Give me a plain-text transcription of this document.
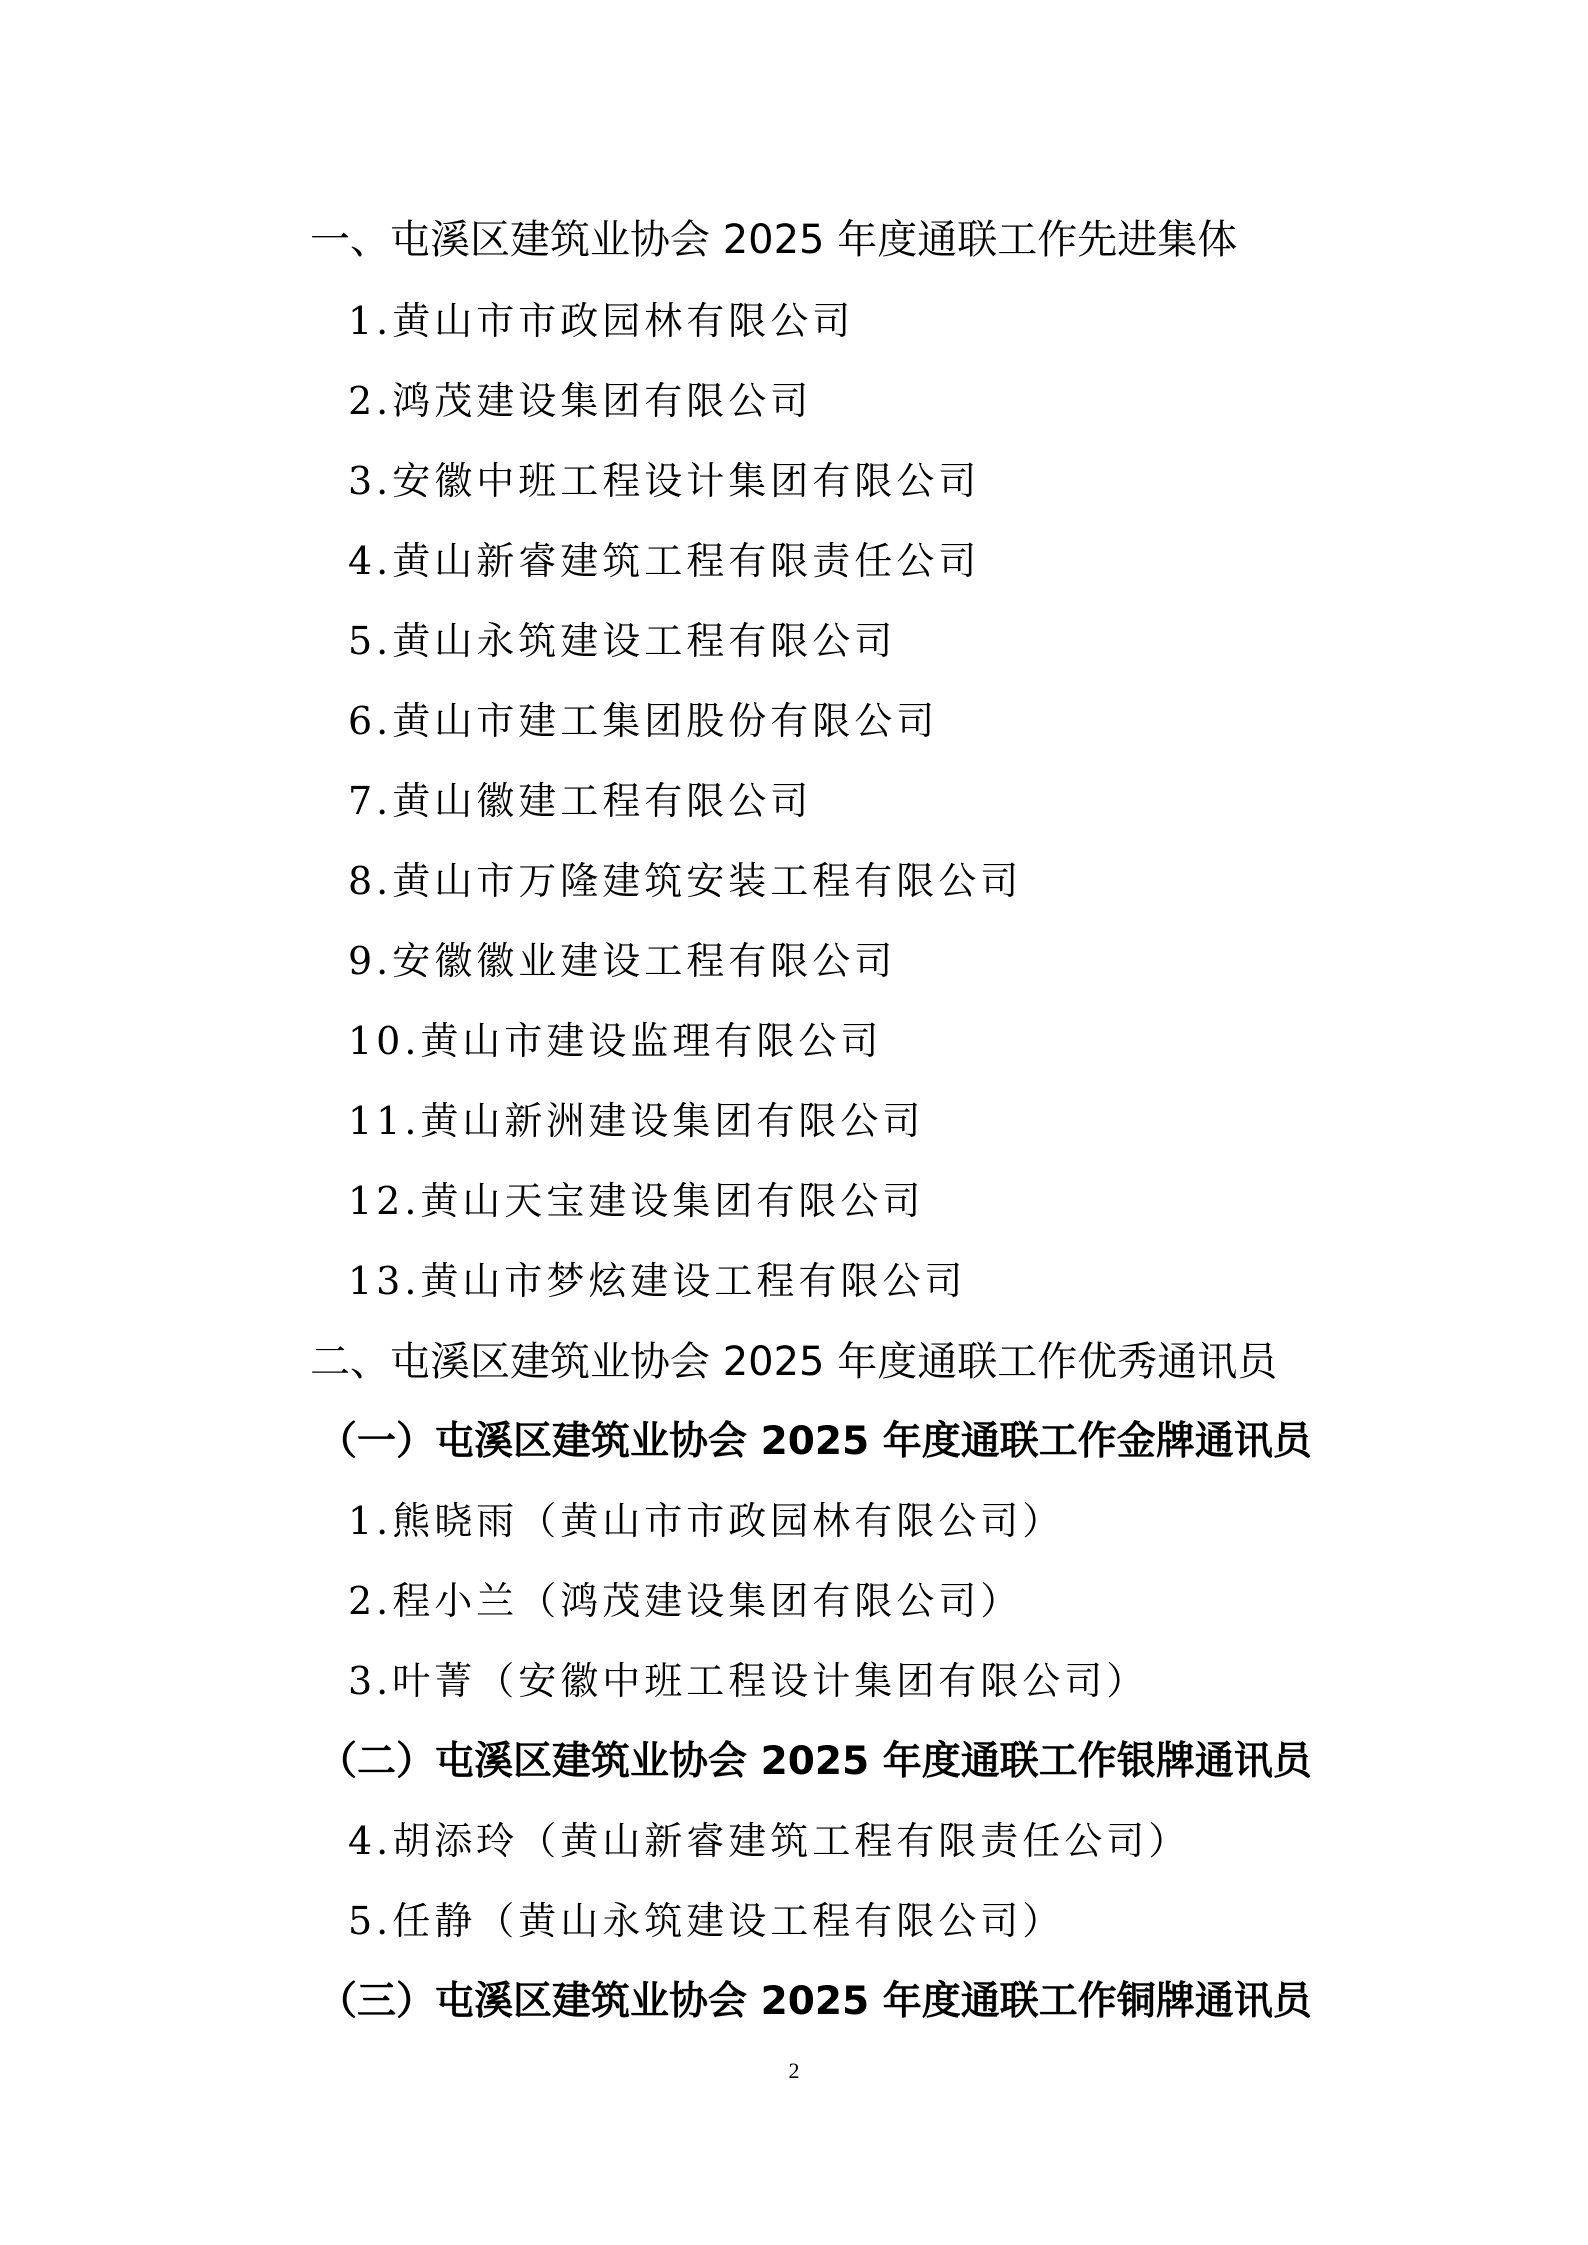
一、屯溪区建筑业协会 2025 年度通联工作先进集体
1.黄山市市政园林有限公司
2.鸿茂建设集团有限公司
3.安徽中班工程设计集团有限公司
4.黄山新睿建筑工程有限责任公司
5.黄山永筑建设工程有限公司
6.黄山市建工集团股份有限公司
7.黄山徽建工程有限公司
8.黄山市万隆建筑安装工程有限公司
9.安徽徽业建设工程有限公司
10.黄山市建设监理有限公司
11.黄山新洲建设集团有限公司
12.黄山天宝建设集团有限公司
13.黄山市梦炫建设工程有限公司
二、屯溪区建筑业协会 2025 年度通联工作优秀通讯员
（一）屯溪区建筑业协会 2025 年度通联工作金牌通讯员
1.熊晓雨（黄山市市政园林有限公司）
2.程小兰（鸿茂建设集团有限公司）
3.叶菁（安徽中班工程设计集团有限公司）
（二）屯溪区建筑业协会 2025 年度通联工作银牌通讯员
4.胡添玲（黄山新睿建筑工程有限责任公司）
5.任静（黄山永筑建设工程有限公司）
（三）屯溪区建筑业协会 2025 年度通联工作铜牌通讯员
2
